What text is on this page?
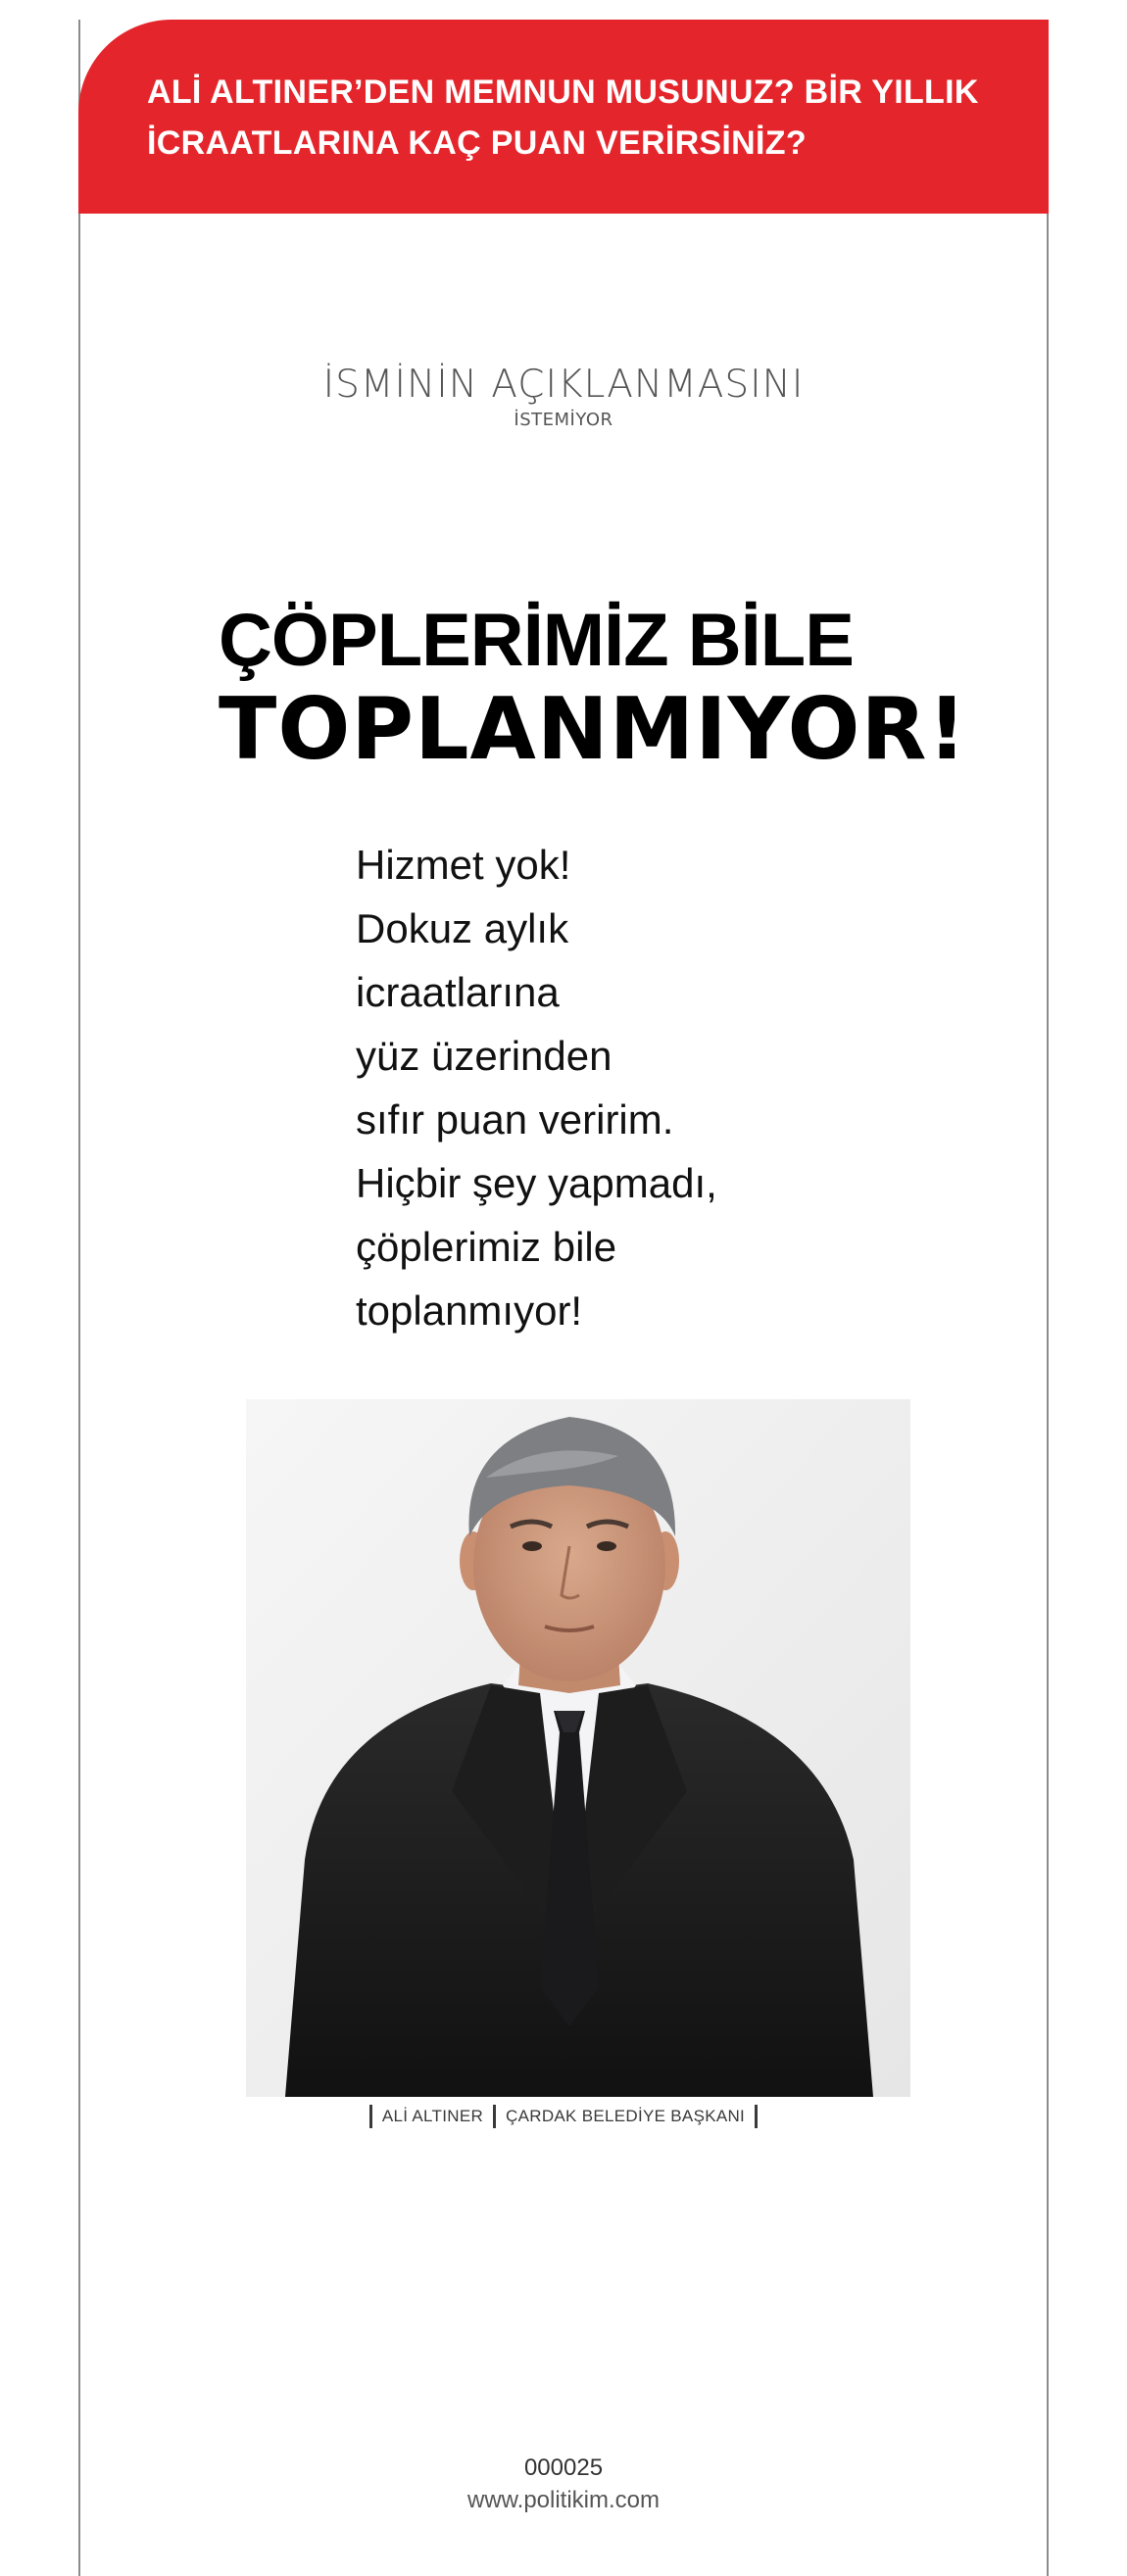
ALİ ALTINER’DEN MEMNUN MUSUNUZ? BİR YILLIK
İCRAATLARINA KAÇ PUAN VERİRSİNİZ?

İSMİNİN AÇIKLANMASINI
İSTEMİYOR
ÇÖPLERİMİZ BİLE
TOPLANMIYOR!
Hizmet yok!
Dokuz aylık
icraatlarına
yüz üzerinden
sıfır puan veririm.
Hiçbir şey yapmadı,
çöplerimiz bile
toplanmıyor!
ALİ ALTINER ÇARDAK BELEDİYE BAŞKANI
000025
www.politikim.com
